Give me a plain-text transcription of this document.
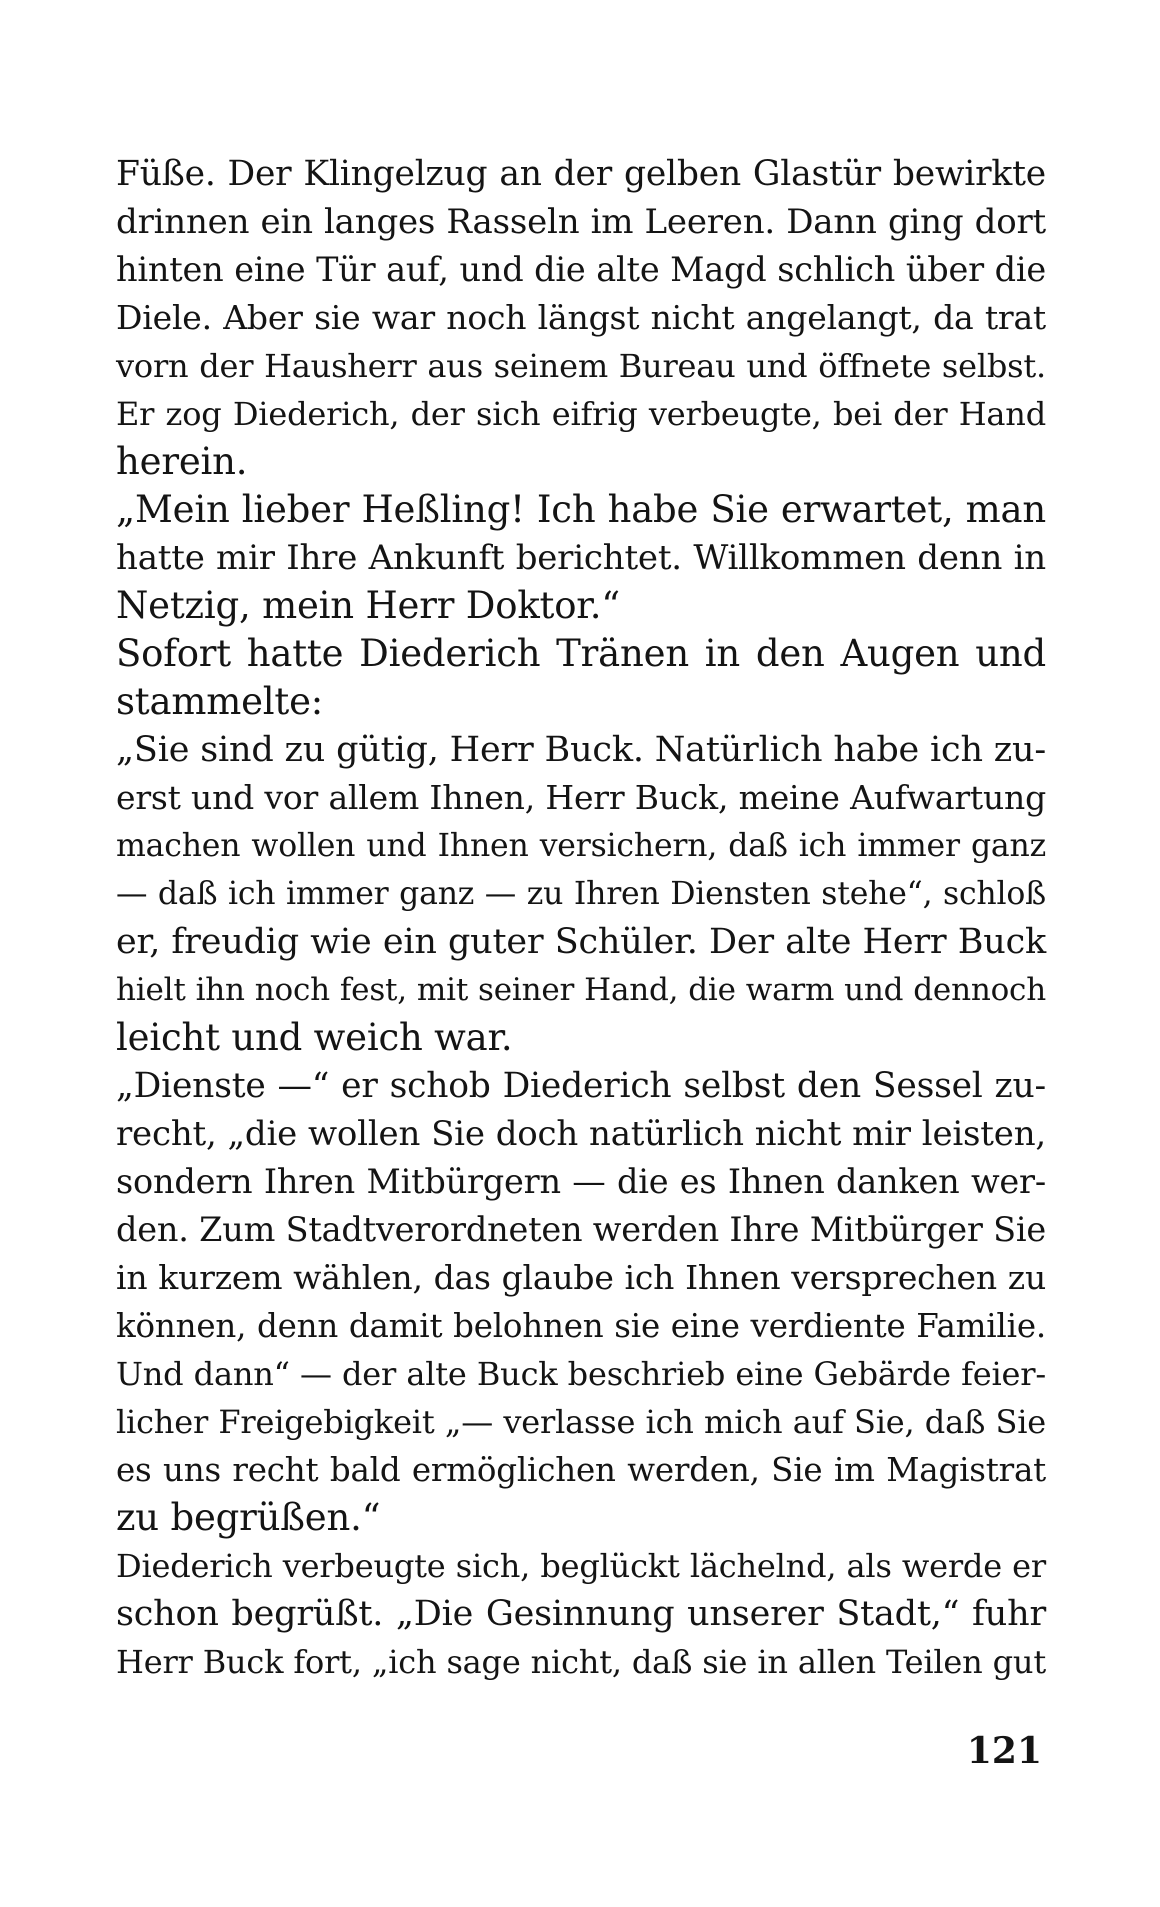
Füße. Der Klingelzug an der gelben Glastür bewirkte
drinnen ein langes Rasseln im Leeren. Dann ging dort
hinten eine Tür auf, und die alte Magd schlich über die
Diele. Aber sie war noch längst nicht angelangt, da trat
vorn der Hausherr aus seinem Bureau und öffnete selbst.
Er zog Diederich, der sich eifrig verbeugte, bei der Hand
herein.
„Mein lieber Heßling! Ich habe Sie erwartet, man
hatte mir Ihre Ankunft berichtet. Willkommen denn in
Netzig, mein Herr Doktor.“
Sofort hatte Diederich Tränen in den Augen und
stammelte:
„Sie sind zu gütig, Herr Buck. Natürlich habe ich zu-
erst und vor allem Ihnen, Herr Buck, meine Aufwartung
machen wollen und Ihnen versichern, daß ich immer ganz
— daß ich immer ganz — zu Ihren Diensten stehe“, schloß
er, freudig wie ein guter Schüler. Der alte Herr Buck
hielt ihn noch fest, mit seiner Hand, die warm und dennoch
leicht und weich war.
„Dienste —“ er schob Diederich selbst den Sessel zu-
recht, „die wollen Sie doch natürlich nicht mir leisten,
sondern Ihren Mitbürgern — die es Ihnen danken wer-
den. Zum Stadtverordneten werden Ihre Mitbürger Sie
in kurzem wählen, das glaube ich Ihnen versprechen zu
können, denn damit belohnen sie eine verdiente Familie.
Und dann“ — der alte Buck beschrieb eine Gebärde feier-
licher Freigebigkeit „— verlasse ich mich auf Sie, daß Sie
es uns recht bald ermöglichen werden, Sie im Magistrat
zu begrüßen.“
Diederich verbeugte sich, beglückt lächelnd, als werde er
schon begrüßt. „Die Gesinnung unserer Stadt,“ fuhr
Herr Buck fort, „ich sage nicht, daß sie in allen Teilen gut
121
